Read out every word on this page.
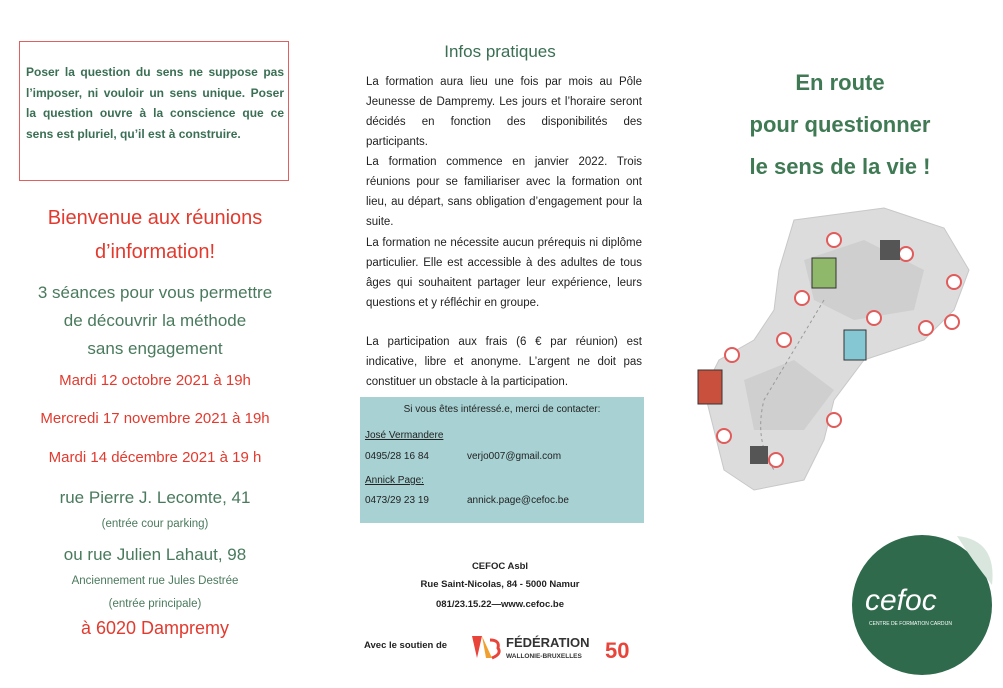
Poser la question du sens ne suppose pas l’imposer, ni vouloir un sens unique. Poser la question ouvre à la conscience que ce sens est pluriel, qu’il est à construire.

Bienvenue aux réunions
d’information!
3 séances pour vous permettre
de découvrir la méthode
sans engagement
Mardi 12 octobre 2021 à 19h
Mercredi 17 novembre 2021 à 19h
Mardi 14 décembre 2021 à 19 h
rue Pierre J. Lecomte, 41
(entrée cour parking)
ou rue Julien Lahaut, 98
Anciennement rue Jules Destrée
(entrée principale)
à 6020 Dampremy
Infos pratiques

La formation aura lieu une fois par mois au Pôle Jeunesse de Dampremy. Les jours et l’horaire seront décidés en fonction des disponibilités des participants.

La formation commence en janvier 2022. Trois réunions pour se familiariser avec la formation ont lieu, au départ, sans obligation d’engagement pour la suite.

La formation ne nécessite aucun prérequis ni diplôme particulier. Elle est accessible à des adultes de tous âges qui souhaitent partager leur expérience, leurs questions et y réfléchir en groupe.

La participation aux frais (6 € par réunion) est indicative, libre et anonyme. L’argent ne doit pas constituer un obstacle à la participation.

Si vous êtes intéressé.e, merci de contacter:
José Vermandere
0495/28 16 84	verjo007@gmail.com
Annick Page:
0473/29 23 19	annick.page@cefoc.be
CEFOC Asbl
Rue Saint-Nicolas, 84 - 5000 Namur
081/23.15.22—www.cefoc.be
Avec le soutien de	FÉDÉRATION
WALLONIE-BRUXELLES 50
En route
pour questionner
le sens de la vie !
cefoc
CENTRE DE FORMATION CARDIJN
